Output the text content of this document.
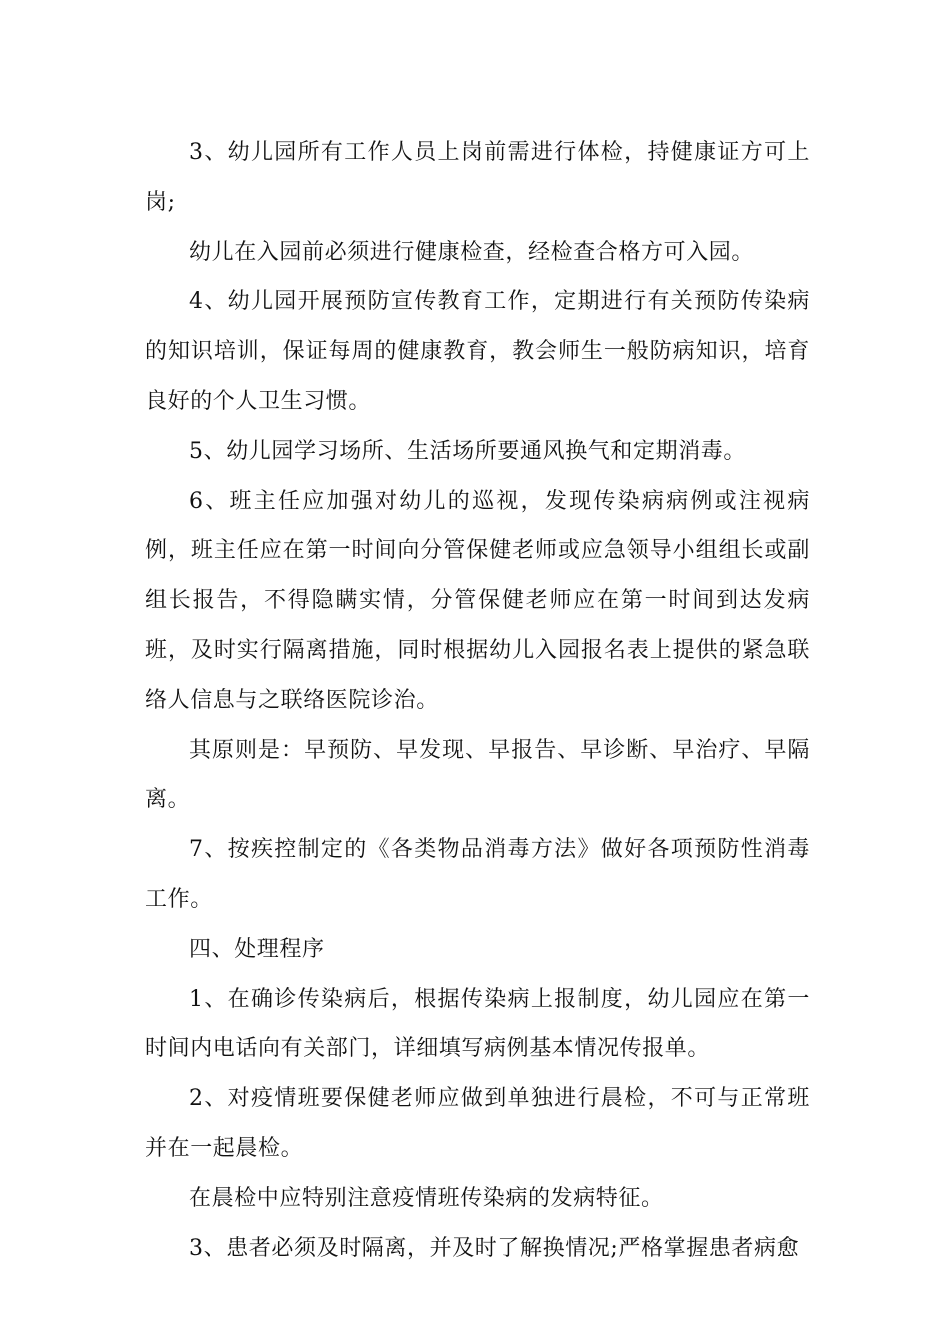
3、幼儿园所有工作人员上岗前需进行体检，持健康证方可上岗;

幼儿在入园前必须进行健康检查，经检查合格方可入园。

4、幼儿园开展预防宣传教育工作，定期进行有关预防传染病的知识培训，保证每周的健康教育，教会师生一般防病知识，培育良好的个人卫生习惯。

5、幼儿园学习场所、生活场所要通风换气和定期消毒。

6、班主任应加强对幼儿的巡视，发现传染病病例或注视病例，班主任应在第一时间向分管保健老师或应急领导小组组长或副组长报告，不得隐瞒实情，分管保健老师应在第一时间到达发病班，及时实行隔离措施，同时根据幼儿入园报名表上提供的紧急联络人信息与之联络医院诊治。

其原则是：早预防、早发现、早报告、早诊断、早治疗、早隔离。

7、按疾控制定的《各类物品消毒方法》做好各项预防性消毒工作。

四、处理程序

1、在确诊传染病后，根据传染病上报制度，幼儿园应在第一时间内电话向有关部门，详细填写病例基本情况传报单。

2、对疫情班要保健老师应做到单独进行晨检，不可与正常班并在一起晨检。

在晨检中应特别注意疫情班传染病的发病特征。

3、患者必须及时隔离，并及时了解换情况;严格掌握患者病愈
